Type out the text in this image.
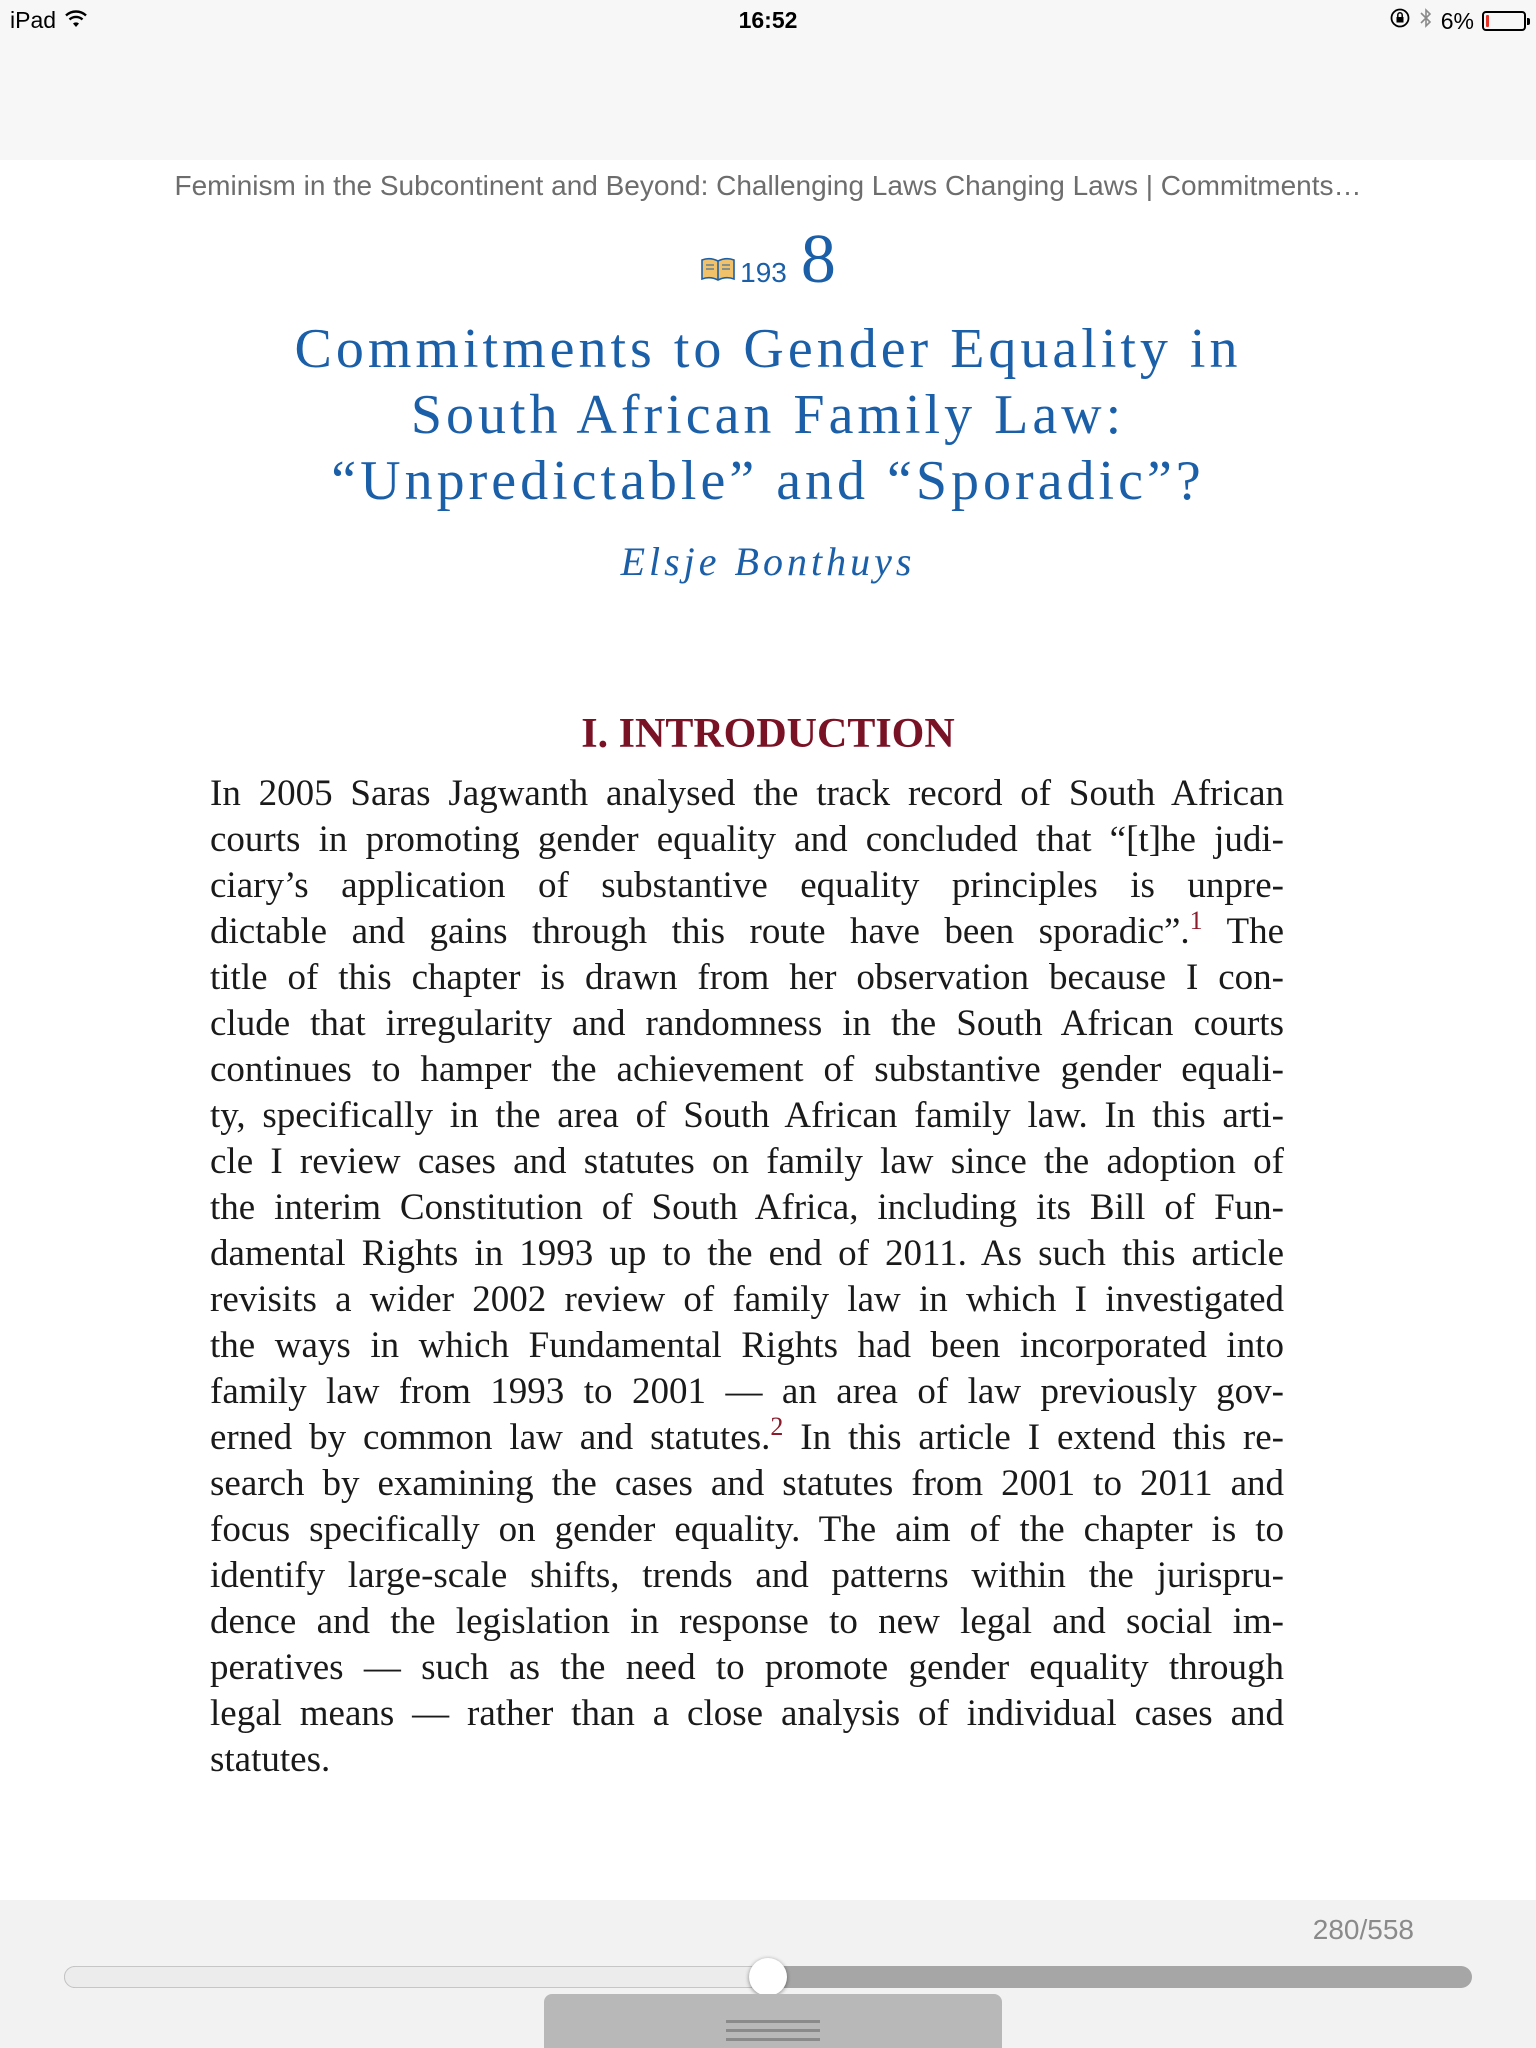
iPad	16:52	6%
Feminism in the Subcontinent and Beyond: Challenging Laws Changing Laws | Commitments…
193 8
Commitments to Gender Equality in
South African Family Law:
“Unpredictable” and “Sporadic”?
Elsje Bonthuys
I. INTRODUCTION
In 2005 Saras Jagwanth analysed the track record of South African
courts in promoting gender equality and concluded that “[t]he judi-
ciary’s application of substantive equality principles is unpre-
dictable and gains through this route have been sporadic”.$^1$ The
title of this chapter is drawn from her observation because I con-
clude that irregularity and randomness in the South African courts
continues to hamper the achievement of substantive gender equali-
ty, specifically in the area of South African family law. In this arti-
cle I review cases and statutes on family law since the adoption of
the interim Constitution of South Africa, including its Bill of Fun-
damental Rights in 1993 up to the end of 2011. As such this article
revisits a wider 2002 review of family law in which I investigated
the ways in which Fundamental Rights had been incorporated into
family law from 1993 to 2001 — an area of law previously gov-
erned by common law and statutes.$^2$ In this article I extend this re-
search by examining the cases and statutes from 2001 to 2011 and
focus specifically on gender equality. The aim of the chapter is to
identify large-scale shifts, trends and patterns within the jurispru-
dence and the legislation in response to new legal and social im-
peratives — such as the need to promote gender equality through
legal means — rather than a close analysis of individual cases and
statutes.
280/558
